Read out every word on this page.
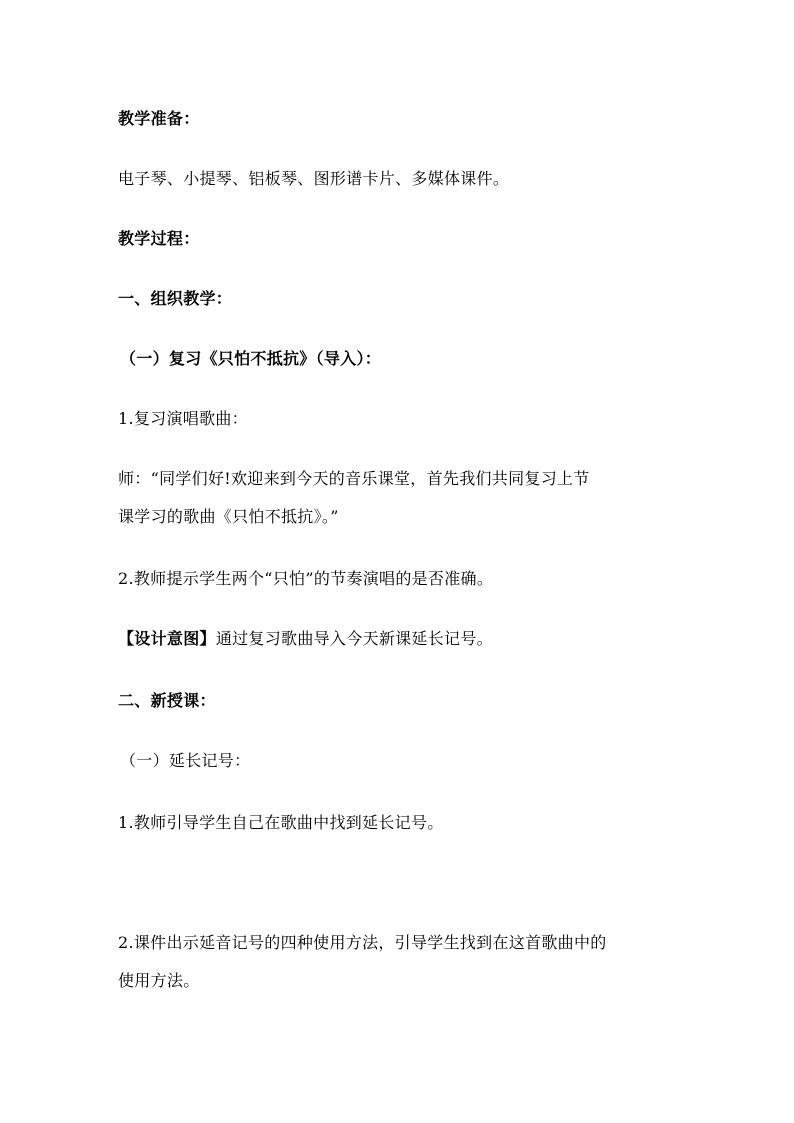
教学准备：
电子琴、小提琴、铝板琴、图形谱卡片、多媒体课件。
教学过程：
一、组织教学：
（一）复习《只怕不抵抗》（导入）：
1.复习演唱歌曲：
师：“同学们好!欢迎来到今天的音乐课堂，首先我们共同复习上节
课学习的歌曲《只怕不抵抗》。”
2.教师提示学生两个“只怕”的节奏演唱的是否准确。
【设计意图】通过复习歌曲导入今天新课延长记号。
二、新授课：
（一）延长记号：
1.教师引导学生自己在歌曲中找到延长记号。
2.课件出示延音记号的四种使用方法，引导学生找到在这首歌曲中的
使用方法。
